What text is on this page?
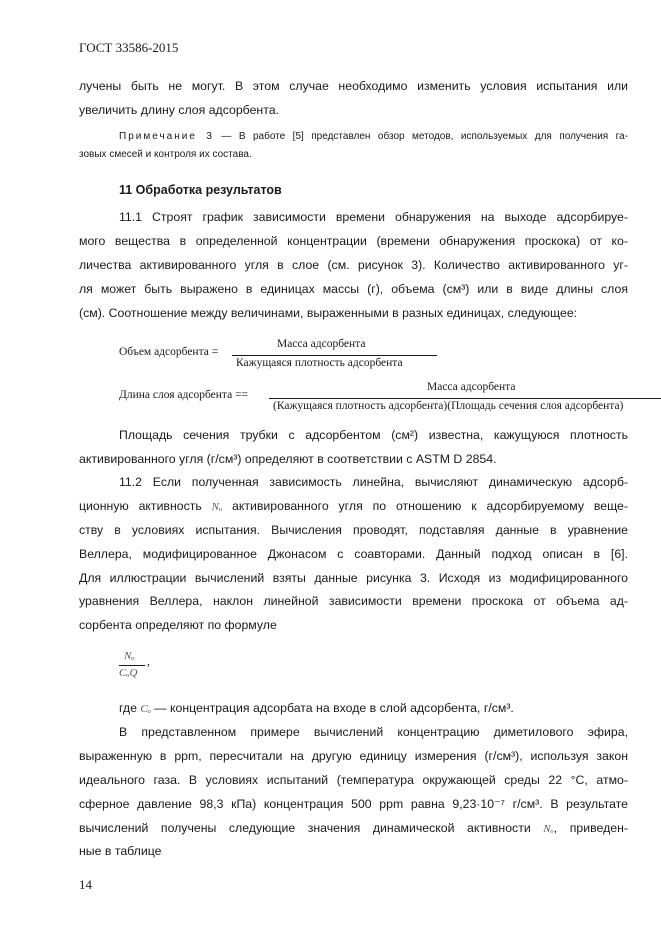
ГОСТ 33586-2015
лучены быть не могут. В этом случае необходимо изменить условия испытания или
увеличить длину слоя адсорбента.
Примечание 3 — В работе [5] представлен обзор методов, используемых для получения га-
зовых смесей и контроля их состава.
11 Обработка результатов
11.1 Строят график зависимости времени обнаружения на выходе адсорбируе-
мого вещества в определенной концентрации (времени обнаружения проскока) от ко-
личества активированного угля в слое (см. рисунок 3). Количество активированного уг-
ля может быть выражено в единицах массы (г), объема (см³) или в виде длины слоя
(см). Соотношение между величинами, выраженными в разных единицах, следующее:
Объем адсорбента =
Масса адсорбента
Кажущаяся плотность адсорбента
Длина слоя адсорбента ==
Масса адсорбента
(Кажущаяся плотность адсорбента)(Площадь сечения слоя адсорбента)
Площадь сечения трубки с адсорбентом (см²) известна, кажущуюся плотность
активированного угля (г/см³) определяют в соответствии с ASTM D 2854.
11.2 Если полученная зависимость линейна, вычисляют динамическую адсорб-
ционную активность Nₒ активированного угля по отношению к адсорбируемому веще-
ству в условиях испытания. Вычисления проводят, подставляя данные в уравнение
Веллера, модифицированное Джонасом с соавторами. Данный подход описан в [6].
Для иллюстрации вычислений взяты данные рисунка 3. Исходя из модифицированного
уравнения Веллера, наклон линейной зависимости времени проскока от объема ад-
сорбента определяют по формуле
Nₒ
CₒQ
,
где Cₒ — концентрация адсорбата на входе в слой адсорбента, г/см³.
В представленном примере вычислений концентрацию диметилового эфира,
выраженную в ppm, пересчитали на другую единицу измерения (г/см³), используя закон
идеального газа. В условиях испытаний (температура окружающей среды 22 °С, атмо-
сферное давление 98,3 кПа) концентрация 500 ppm равна 9,23·10⁻⁷ г/см³. В результате
вычислений получены следующие значения динамической активности Nₒ, приведен-
ные в таблице
14
